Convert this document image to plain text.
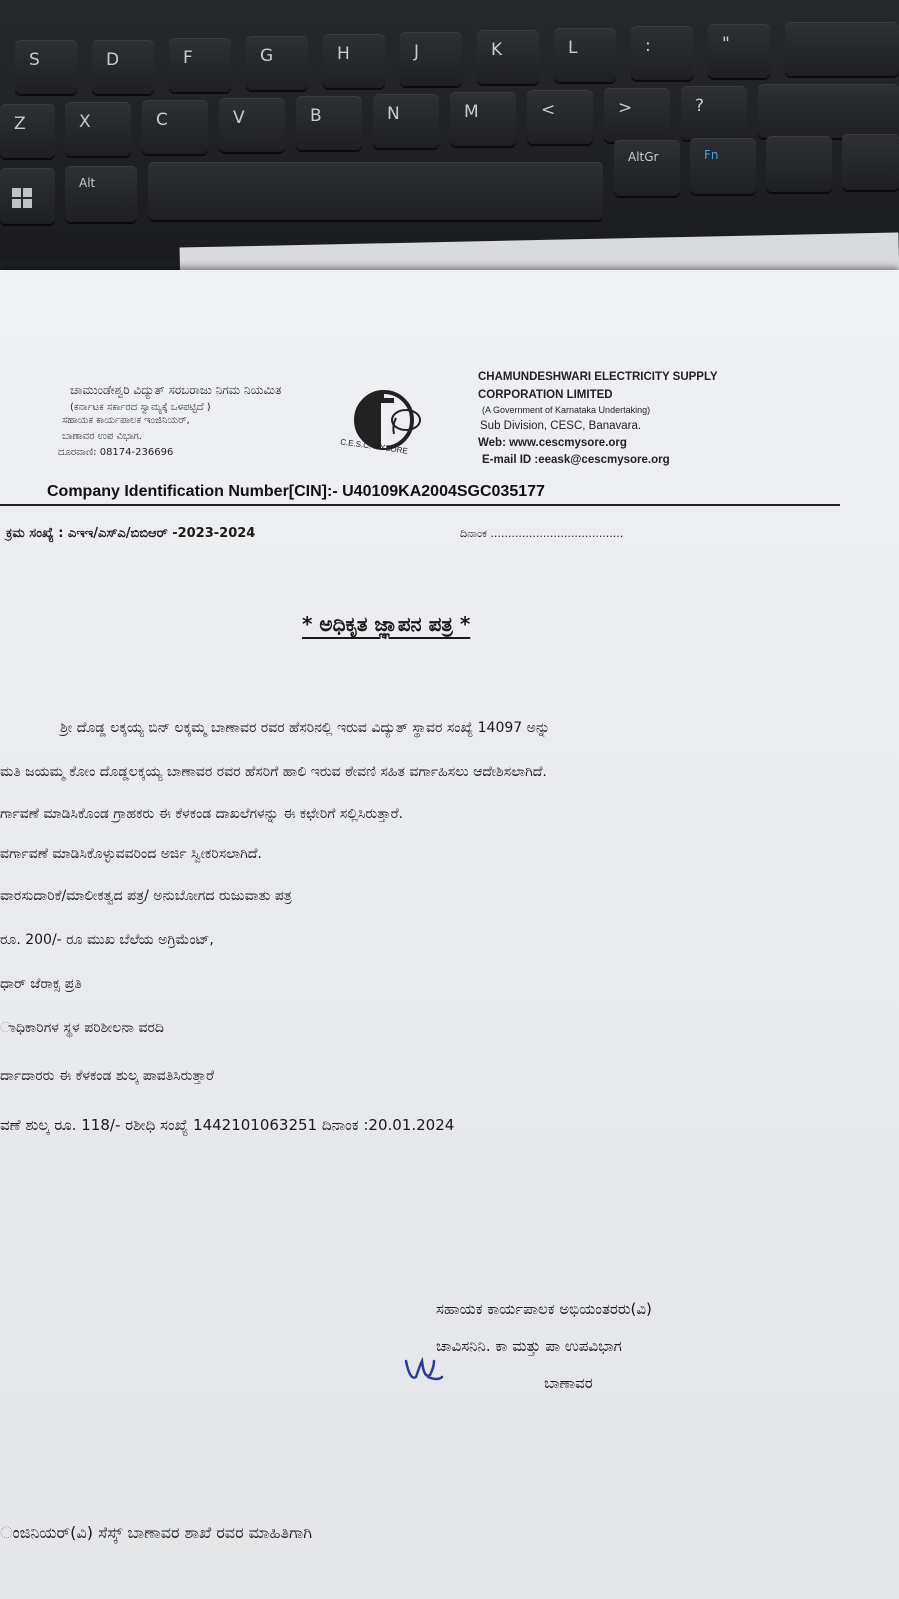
S	D	F	G	H	J	K	L	:	"
Z	X	C	V	B	N	M	<	>	?
Alt
AltGr	Fn
ಚಾಮುಂಡೇಶ್ವರಿ ವಿದ್ಯುತ್ ಸರಬರಾಜು ನಿಗಮ ನಿಯಮಿತ
(ಕರ್ನಾಟಕ ಸರ್ಕಾರದ ಸ್ವಾಮ್ಯಕ್ಕೆ ಒಳಪಟ್ಟಿದೆ )
ಸಹಾಯಕ ಕಾರ್ಯಪಾಲಕ ಇಂಜಿನಿಯರ್,
ಬಾಣಾವರ ಉಪ ವಿಭಾಗ.
ದೂರವಾಣಿ: 08174-236696	C.E.S.C. MYSORE
CHAMUNDESHWARI ELECTRICITY SUPPLY
CORPORATION LIMITED
(A Government of Karnataka Undertaking)
Sub Division, CESC, Banavara.
Web: www.cescmysore.org
E-mail ID :eeask@cescmysore.org
Company Identification Number[CIN]:- U40109KA2004SGC035177
ಕ್ರಮ ಸಂಖ್ಯೆ : ಎಇಇ/ಎಸ್‌ಎ/ಬಿಬಿಆರ್ -2023-2024	ದಿನಾಂಕ ......................................
* ಅಧಿಕೃತ ಜ್ಞಾಪನ ಪತ್ರ *
ಶ್ರೀ ದೊಡ್ಡ ಲಕ್ಕಯ್ಯ ಬಿನ್ ಲಕ್ಕಮ್ಮ ಬಾಣಾವರ ರವರ ಹೆಸರಿನಲ್ಲಿ ಇರುವ ವಿದ್ಯುತ್ ಸ್ಥಾವರ ಸಂಖ್ಯೆ 14097 ಅನ್ನು
ಮತಿ ಜಯಮ್ಮ ಕೋಂ ದೊಡ್ಡಲಕ್ಕಯ್ಯ ಬಾಣಾವರ ರವರ ಹೆಸರಿಗೆ ಹಾಲಿ ಇರುವ ಠೇವಣಿ ಸಹಿತ ವರ್ಗಾಹಿಸಲು ಆದೇಶಿಸಲಾಗಿದೆ.
ರ್ಗಾವಣೆ ಮಾಡಿಸಿಕೊಂಡ ಗ್ರಾಹಕರು ಈ ಕೆಳಕಂಡ ದಾಖಲೆಗಳನ್ನು ಈ ಕಛೇರಿಗೆ ಸಲ್ಲಿಸಿರುತ್ತಾರೆ.
ವರ್ಗಾವಣೆ ಮಾಡಿಸಿಕೊಳ್ಳುವವರಿಂದ ಅರ್ಜಿ ಸ್ವೀಕರಿಸಲಾಗಿದೆ.
ವಾರಸುದಾರಿಕೆ/ಮಾಲೀಕತ್ವದ ಪತ್ರ/ ಅನುಬೋಗದ ರುಜುವಾತು ಪತ್ರ
ರೂ. 200/- ರೂ ಮುಖ ಬೆಲೆಯ ಅಗ್ರಿಮೆಂಟ್,
ಧಾರ್ ಜೆರಾಕ್ಸ ಪ್ರತಿ
ಾಧಿಕಾರಿಗಳ ಸ್ಥಳ ಪರಿಶೀಲನಾ ವರದಿ
ರ್ದಾದಾರರು ಈ ಕೆಳಕಂಡ ಶುಲ್ಕ ಪಾವತಿಸಿರುತ್ತಾರೆ
ವಣೆ ಶುಲ್ಕ ರೂ. 118/- ರಶೀಧಿ ಸಂಖ್ಯೆ 1442101063251 ದಿನಾಂಕ :20.01.2024
ಸಹಾಯಕ ಕಾರ್ಯಪಾಲಕ ಅಭಿಯಂತರರು(ವಿ)
ಚಾವಿಸನಿನಿ. ಕಾ ಮತ್ತು ಪಾ ಉಪವಿಭಾಗ
ಬಾಣಾವರ
ಂಜಿನಿಯರ್(ವಿ) ಸೆಸ್ಕ್ ಬಾಣಾವರ ಶಾಖೆ ರವರ ಮಾಹಿತಿಗಾಗಿ
